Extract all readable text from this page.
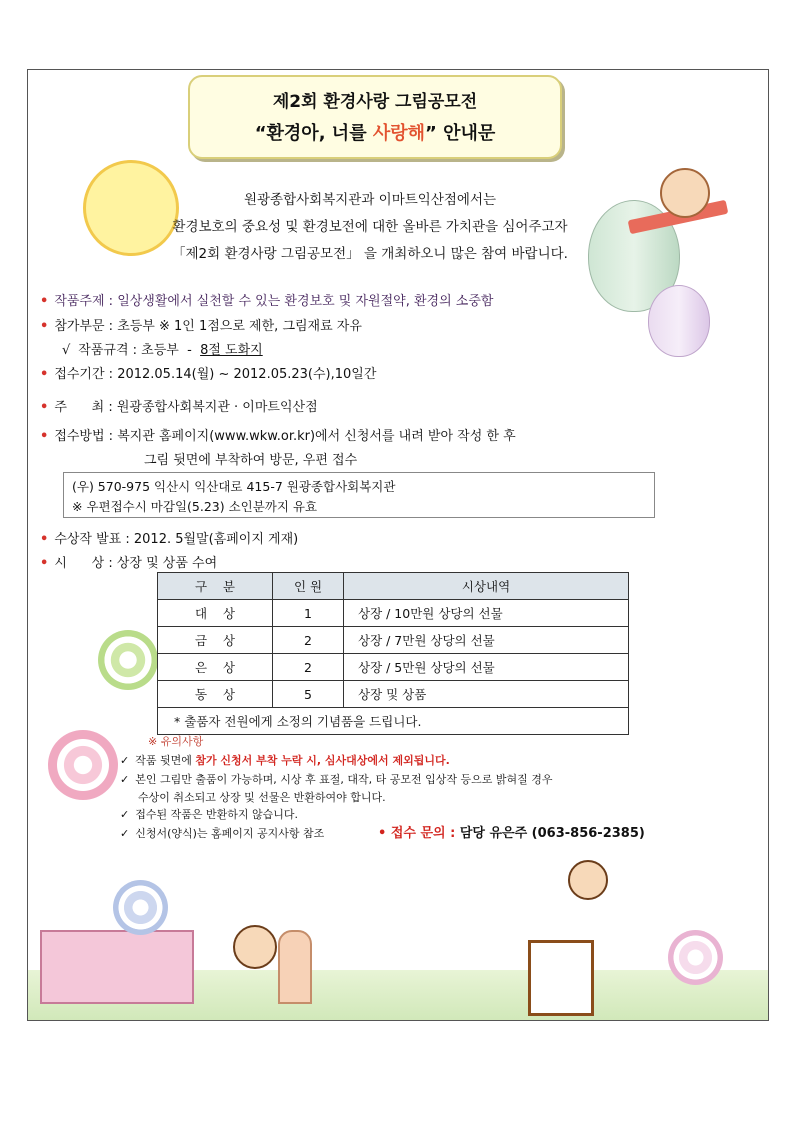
제2회 환경사랑 그림공모전
“환경아, 너를 사랑해” 안내문
원광종합사회복지관과 이마트익산점에서는
환경보호의 중요성 및 환경보전에 대한 올바른 가치관을 심어주고자
「제2회 환경사랑 그림공모전」 을 개최하오니 많은 참여 바랍니다.
• 작품주제 : 일상생활에서 실천할 수 있는 환경보호 및 자원절약, 환경의 소중함
• 참가부문 : 초등부 ※ 1인 1점으로 제한, 그림재료 자유
√ 작품규격 : 초등부  -  8절 도화지
• 접수기간 : 2012.05.14(월) ~ 2012.05.23(수),10일간
• 주      최 : 원광종합사회복지관 · 이마트익산점
• 접수방법 : 복지관 홈페이지(www.wkw.or.kr)에서 신청서를 내려 받아 작성 한 후
그림 뒷면에 부착하여 방문, 우편 접수
(우) 570-975 익산시 익산대로 415-7 원광종합사회복지관
※ 우편접수시 마감일(5.23) 소인분까지 유효
• 수상작 발표 : 2012. 5월말(홈페이지 게재)
• 시      상 : 상장 및 상품 수여
구    분	인 원	시상내역
대    상	1	상장 / 10만원 상당의 선물
금    상	2	상장 / 7만원 상당의 선물
은    상	2	상장 / 5만원 상당의 선물
동    상	5	상장 및 상품
* 출품자 전원에게 소정의 기념품을 드립니다.		
※ 유의사항
✓ 작품 뒷면에 참가 신청서 부착 누락 시, 심사대상에서 제외됩니다.
✓ 본인 그림만 출품이 가능하며, 시상 후 표절, 대작, 타 공모전 입상작 등으로 밝혀질 경우
수상이 취소되고 상장 및 선물은 반환하여야 합니다.
✓ 접수된 작품은 반환하지 않습니다.
✓ 신청서(양식)는 홈페이지 공지사항 참조	• 접수 문의 : 담당 유은주 (063-856-2385)
